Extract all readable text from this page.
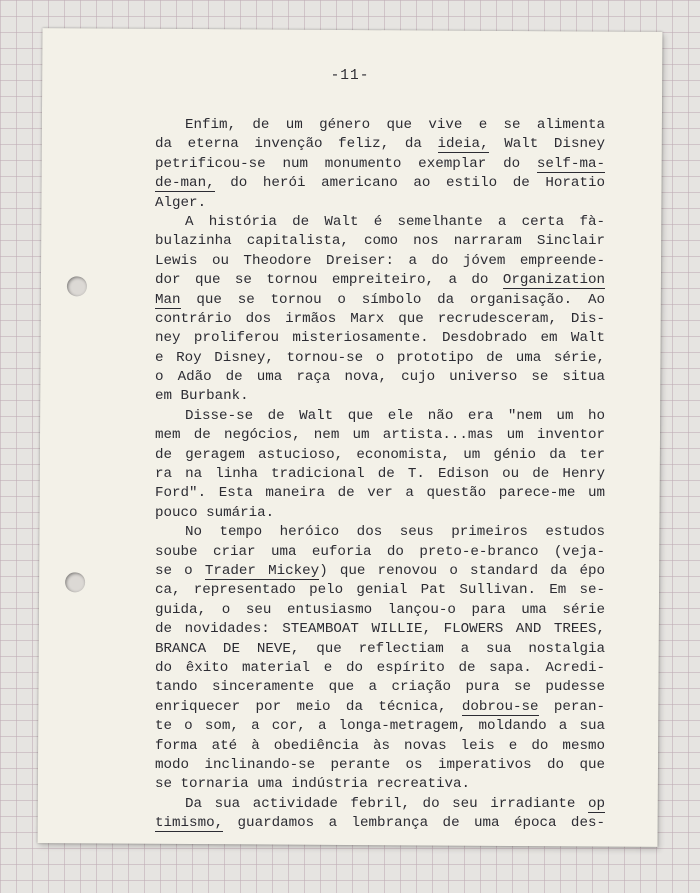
-11-
Enfim, de um género que vive e se alimenta
da eterna invenção feliz, da ideia, Walt Disney
petrificou-se num monumento exemplar do self-ma-
de-man, do herói americano ao estilo de Horatio
Alger.
A história de Walt é semelhante a certa fà-
bulazinha capitalista, como nos narraram Sinclair
Lewis ou Theodore Dreiser: a do jóvem empreende-
dor que se tornou empreiteiro, a do Organization
Man que se tornou o símbolo da organisação. Ao
contrário dos irmãos Marx que recrudesceram, Dis-
ney proliferou misteriosamente. Desdobrado em Walt
e Roy Disney, tornou-se o prototipo de uma série,
o Adão de uma raça nova, cujo universo se situa
em Burbank.
Disse-se de Walt que ele não era "nem um ho
mem de negócios, nem um artista...mas um inventor
de geragem astucioso, economista, um génio da ter
ra na linha tradicional de T. Edison ou de Henry
Ford". Esta maneira de ver a questão parece-me um
pouco sumária.
No tempo heróico dos seus primeiros estudos
soube criar uma euforia do preto-e-branco (veja-
se o Trader Mickey) que renovou o standard da épo
ca, representado pelo genial Pat Sullivan. Em se-
guida, o seu entusiasmo lançou-o para uma série
de novidades: STEAMBOAT WILLIE, FLOWERS AND TREES,
BRANCA DE NEVE, que reflectiam a sua nostalgia
do êxito material e do espírito de sapa. Acredi-
tando sinceramente que a criação pura se pudesse
enriquecer por meio da técnica, dobrou-se peran-
te o som, a cor, a longa-metragem, moldando a sua
forma até à obediência às novas leis e do mesmo
modo inclinando-se perante os imperativos do que
se tornaria uma indústria recreativa.
Da sua actividade febril, do seu irradiante op
timismo, guardamos a lembrança de uma época des-
